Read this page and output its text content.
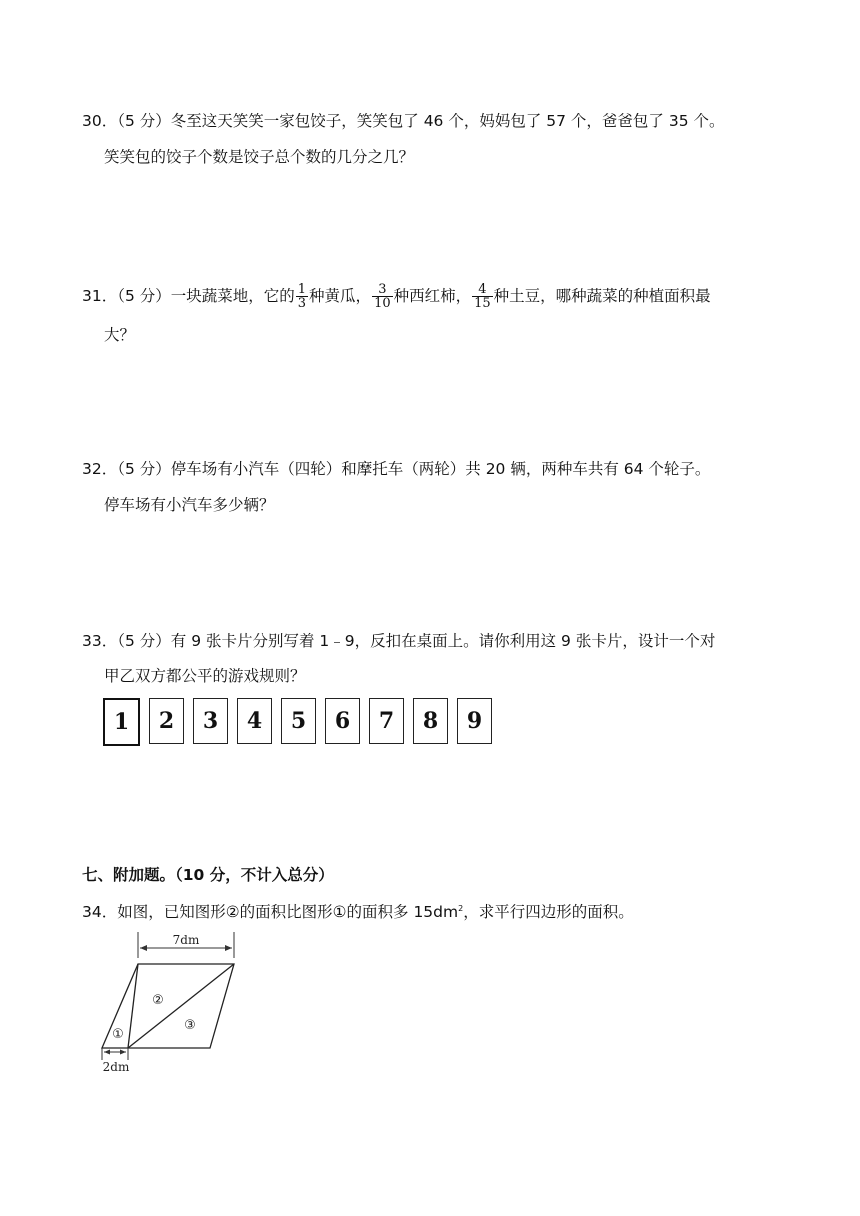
30．（5 分）冬至这天笑笑一家包饺子，笑笑包了 46 个，妈妈包了 57 个，爸爸包了 35 个。
笑笑包的饺子个数是饺子总个数的几分之几？
31．（5 分）一块蔬菜地，它的 $\frac{1}{3}$ 种黄瓜， $\frac{3}{10}$ 种西红柿， $\frac{4}{15}$ 种土豆，哪种蔬菜的种植面积最
大？
32．（5 分）停车场有小汽车（四轮）和摩托车（两轮）共 20 辆，两种车共有 64 个轮子。
停车场有小汽车多少辆？
33．（5 分）有 9 张卡片分别写着 1﹣9，反扣在桌面上。请你利用这 9 张卡片，设计一个对
甲乙双方都公平的游戏规则？
1	2	3	4	5	6	7	8	9
七、附加题。（10 分，不计入总分）
34．如图，已知图形②的面积比图形①的面积多 $15dm^2$，求平行四边形的面积。
7dm
②
①
③
2dm
